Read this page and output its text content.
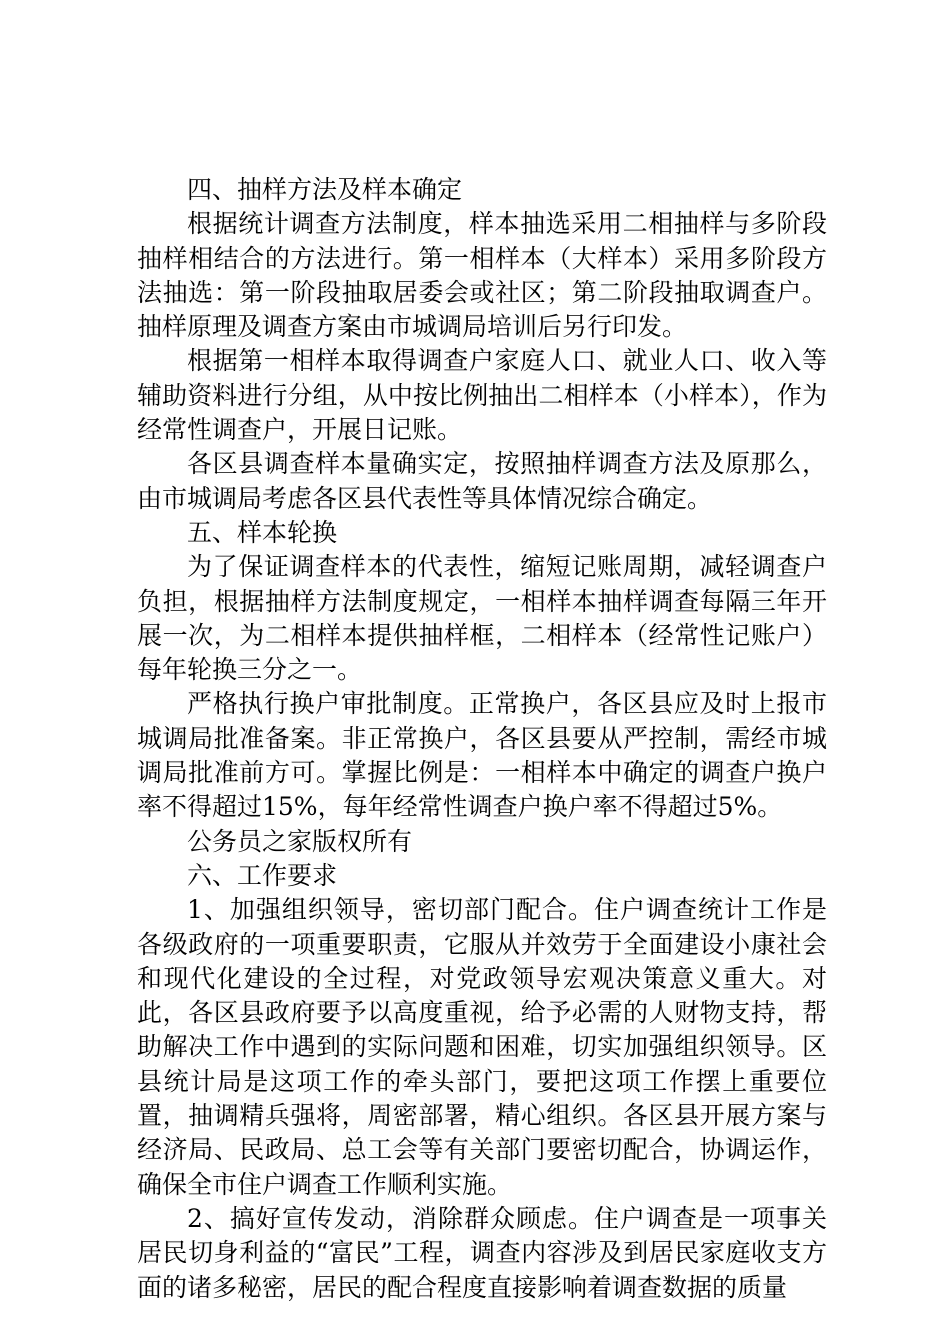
四、抽样方法及样本确定

根据统计调查方法制度，样本抽选采用二相抽样与多阶段抽样相结合的方法进行。第一相样本（大样本）采用多阶段方法抽选：第一阶段抽取居委会或社区；第二阶段抽取调查户。抽样原理及调查方案由市城调局培训后另行印发。

根据第一相样本取得调查户家庭人口、就业人口、收入等辅助资料进行分组，从中按比例抽出二相样本（小样本），作为经常性调查户，开展日记账。

各区县调查样本量确实定，按照抽样调查方法及原那么，由市城调局考虑各区县代表性等具体情况综合确定。

五、样本轮换

为了保证调查样本的代表性，缩短记账周期，减轻调查户负担，根据抽样方法制度规定，一相样本抽样调查每隔三年开展一次，为二相样本提供抽样框，二相样本（经常性记账户）每年轮换三分之一。

严格执行换户审批制度。正常换户，各区县应及时上报市城调局批准备案。非正常换户，各区县要从严控制，需经市城调局批准前方可。掌握比例是：一相样本中确定的调查户换户率不得超过15%，每年经常性调查户换户率不得超过5%。

公务员之家版权所有

六、工作要求

1、加强组织领导，密切部门配合。住户调查统计工作是各级政府的一项重要职责，它服从并效劳于全面建设小康社会和现代化建设的全过程，对党政领导宏观决策意义重大。对此，各区县政府要予以高度重视，给予必需的人财物支持，帮助解决工作中遇到的实际问题和困难，切实加强组织领导。区县统计局是这项工作的牵头部门，要把这项工作摆上重要位置，抽调精兵强将，周密部署，精心组织。各区县开展方案与经济局、民政局、总工会等有关部门要密切配合，协调运作，确保全市住户调查工作顺利实施。

2、搞好宣传发动，消除群众顾虑。住户调查是一项事关居民切身利益的“富民”工程，调查内容涉及到居民家庭收支方面的诸多秘密，居民的配合程度直接影响着调查数据的质量
